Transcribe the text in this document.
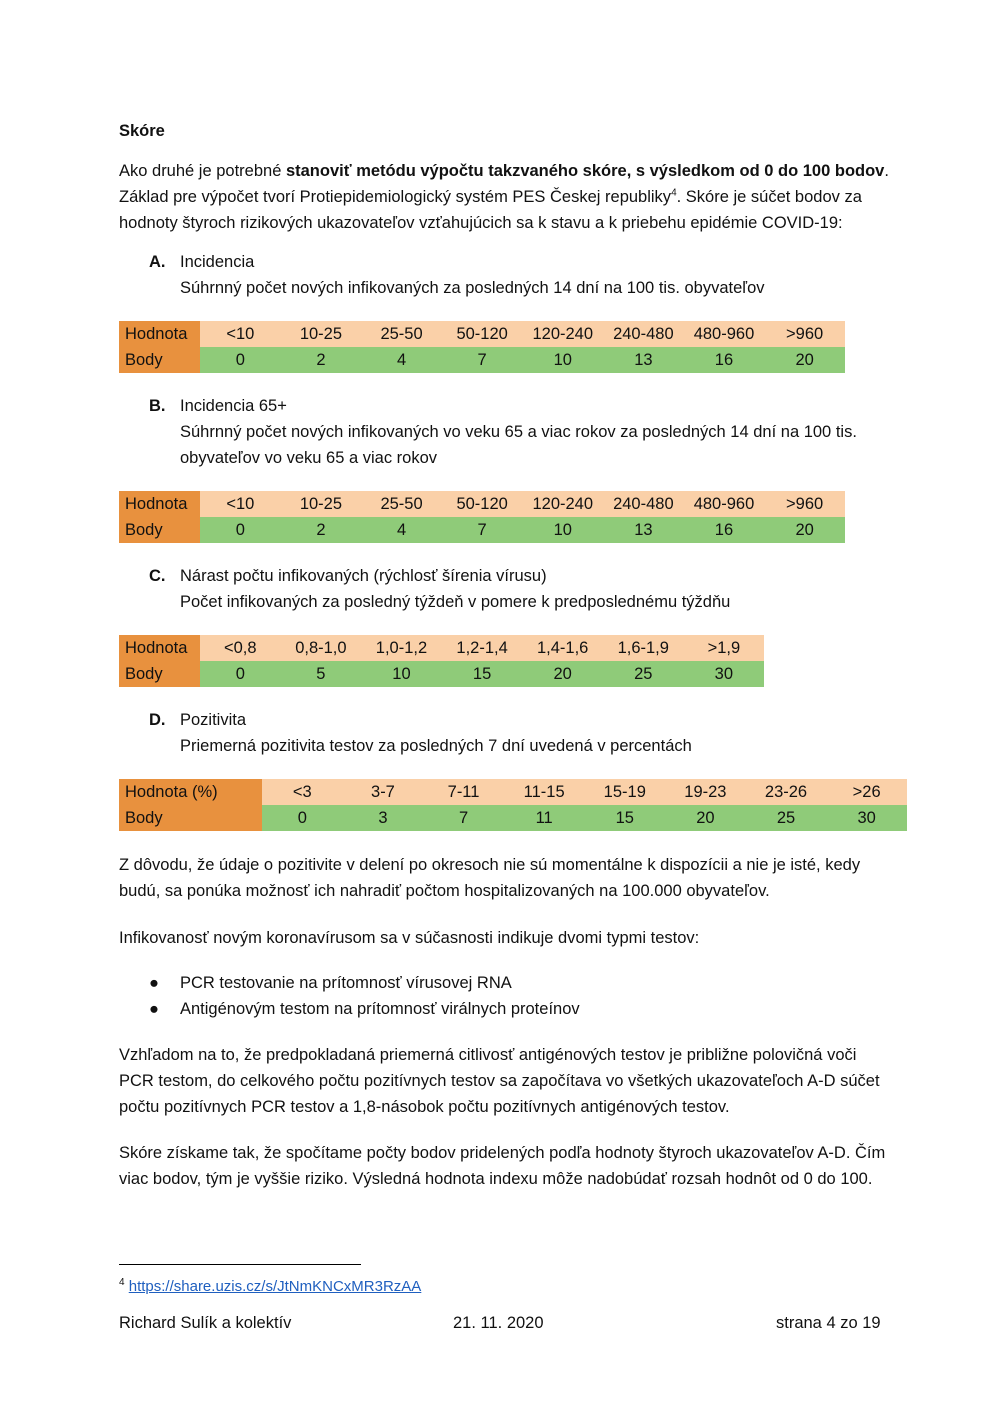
Skóre
Ako druhé je potrebné stanoviť metódu výpočtu takzvaného skóre, s výsledkom od 0 do 100 bodov.
Základ pre výpočet tvorí Protiepidemiologický systém PES Českej republiky$^4$. Skóre je súčet bodov za
hodnoty štyroch rizikových ukazovateľov vzťahujúcich sa k stavu a k priebehu epidémie COVID-19:
A. Incidencia
Súhrnný počet nových infikovaných za posledných 14 dní na 100 tis. obyvateľov
Hodnota	<10	10-25	25-50	50-120	120-240	240-480	480-960	>960
Body	0	2	4	7	10	13	16	20
B. Incidencia 65+
Súhrnný počet nových infikovaných vo veku 65 a viac rokov za posledných 14 dní na 100 tis. obyvateľov vo veku 65 a viac rokov
Hodnota	<10	10-25	25-50	50-120	120-240	240-480	480-960	>960
Body	0	2	4	7	10	13	16	20
C. Nárast počtu infikovaných (rýchlosť šírenia vírusu)
Počet infikovaných za posledný týždeň v pomere k predposlednému týždňu
Hodnota	<0,8	0,8-1,0	1,0-1,2	1,2-1,4	1,4-1,6	1,6-1,9	>1,9
Body	0	5	10	15	20	25	30
D. Pozitivita
Priemerná pozitivita testov za posledných 7 dní uvedená v percentách
Hodnota (%)	<3	3-7	7-11	11-15	15-19	19-23	23-26	>26
Body	0	3	7	11	15	20	25	30
Z dôvodu, že údaje o pozitivite v delení po okresoch nie sú momentálne k dispozícii a nie je isté, kedy budú, sa ponúka možnosť ich nahradiť počtom hospitalizovaných na 100.000 obyvateľov.
Infikovanosť novým koronavírusom sa v súčasnosti indikuje dvomi typmi testov:
● PCR testovanie na prítomnosť vírusovej RNA
● Antigénovým testom na prítomnosť virálnych proteínov
Vzhľadom na to, že predpokladaná priemerná citlivosť antigénových testov je približne polovičná voči PCR testom, do celkového počtu pozitívnych testov sa započítava vo všetkých ukazovateľoch A-D súčet počtu pozitívnych PCR testov a 1,8-násobok počtu pozitívnych antigénových testov.
Skóre získame tak, že spočítame počty bodov pridelených podľa hodnoty štyroch ukazovateľov A-D. Čím viac bodov, tým je vyššie riziko. Výsledná hodnota indexu môže nadobúdať rozsah hodnôt od 0 do 100.
$^4$ https://share.uzis.cz/s/JtNmKNCxMR3RzAA
Richard Sulík a kolektív	21. 11. 2020	strana 4 zo 19
